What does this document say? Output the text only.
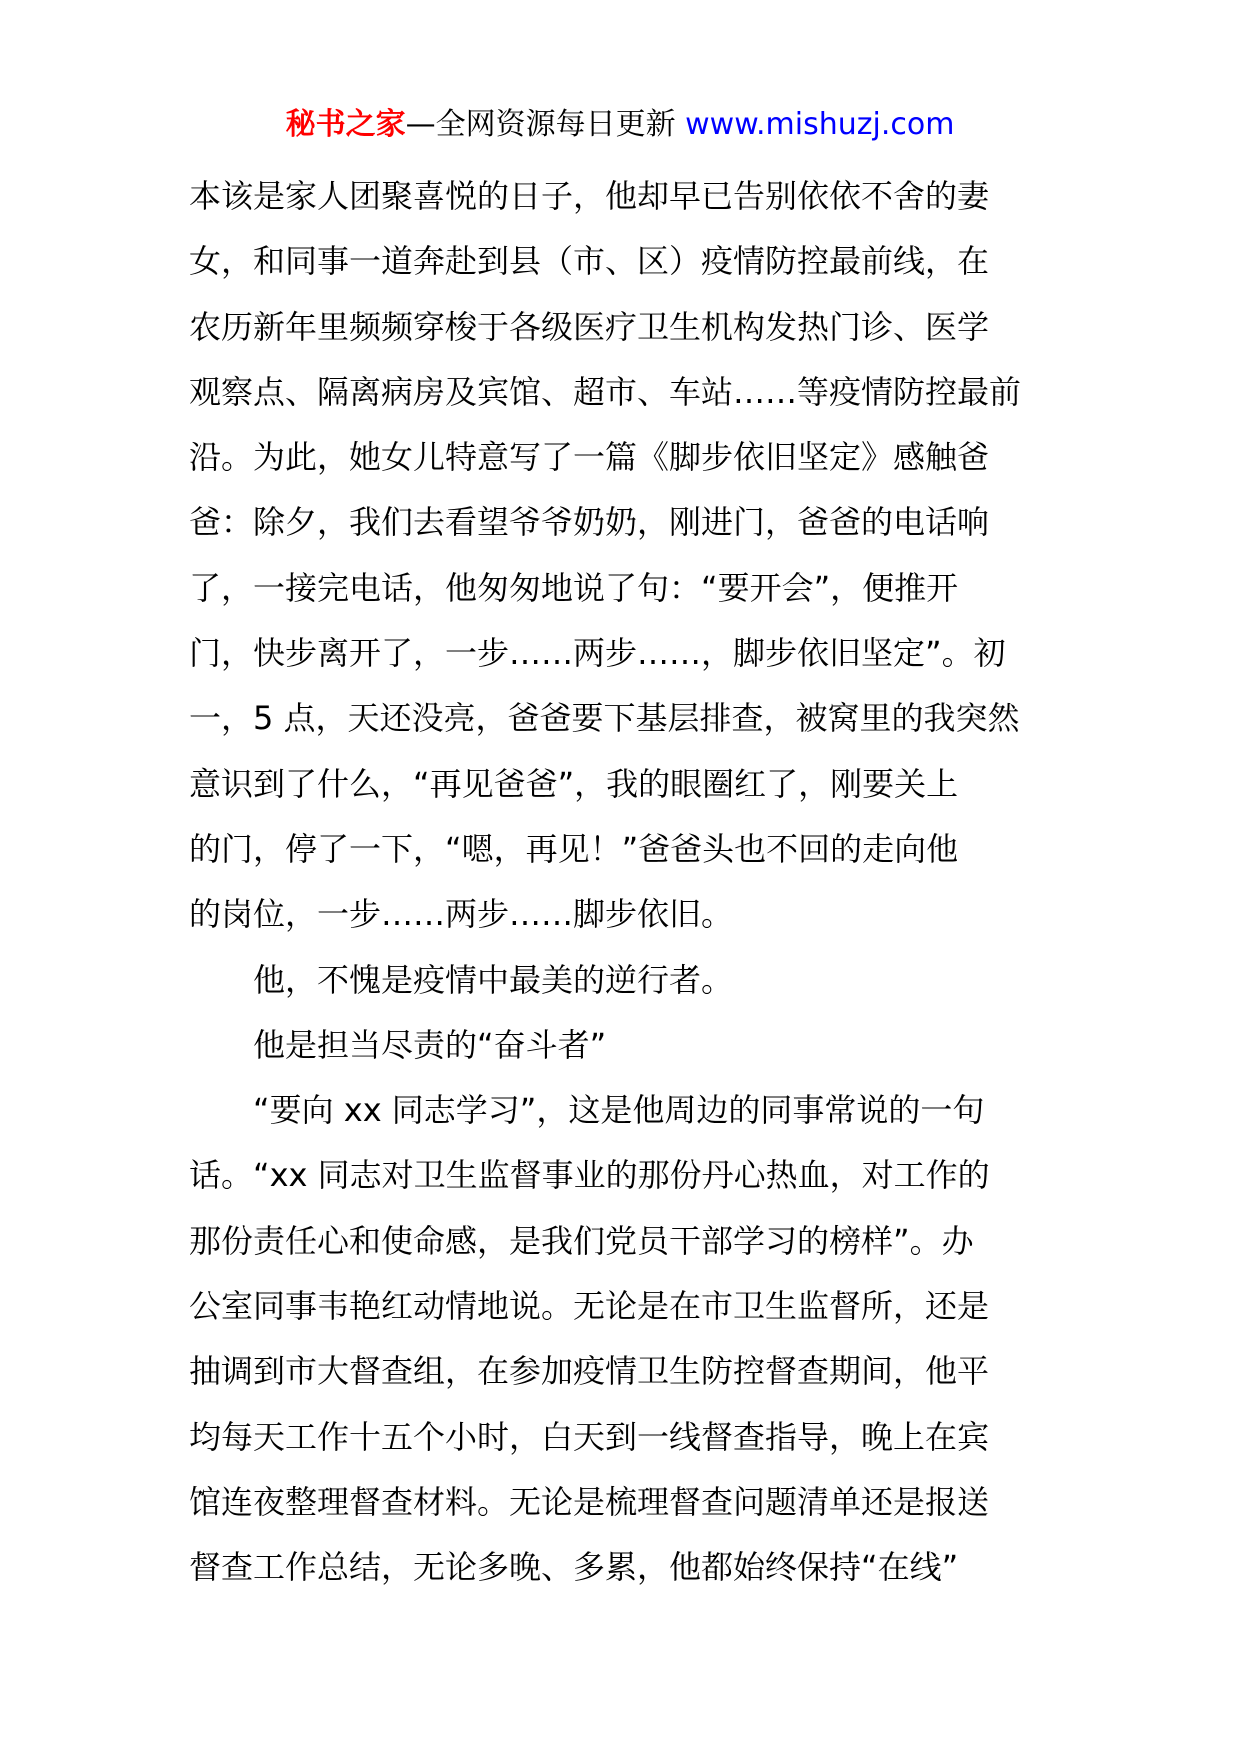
秘书之家—全网资源每日更新 www.mishuzj.com
本该是家人团聚喜悦的日子，他却早已告别依依不舍的妻
女，和同事一道奔赴到县（市、区）疫情防控最前线，在
农历新年里频频穿梭于各级医疗卫生机构发热门诊、医学
观察点、隔离病房及宾馆、超市、车站……等疫情防控最前
沿。为此，她女儿特意写了一篇《脚步依旧坚定》感触爸
爸：除夕，我们去看望爷爷奶奶，刚进门，爸爸的电话响
了，一接完电话，他匆匆地说了句：“要开会”，便推开
门，快步离开了，一步……两步……，脚步依旧坚定”。初
一，5 点，天还没亮，爸爸要下基层排查，被窝里的我突然
意识到了什么，“再见爸爸”，我的眼圈红了，刚要关上
的门，停了一下，“嗯，再见！”爸爸头也不回的走向他
的岗位，一步……两步……脚步依旧。
他，不愧是疫情中最美的逆行者。
他是担当尽责的“奋斗者”
“要向 xx 同志学习”，这是他周边的同事常说的一句
话。“xx 同志对卫生监督事业的那份丹心热血，对工作的
那份责任心和使命感，是我们党员干部学习的榜样”。办
公室同事韦艳红动情地说。无论是在市卫生监督所，还是
抽调到市大督查组，在参加疫情卫生防控督查期间，他平
均每天工作十五个小时，白天到一线督查指导，晚上在宾
馆连夜整理督查材料。无论是梳理督查问题清单还是报送
督查工作总结，无论多晚、多累，他都始终保持“在线”
